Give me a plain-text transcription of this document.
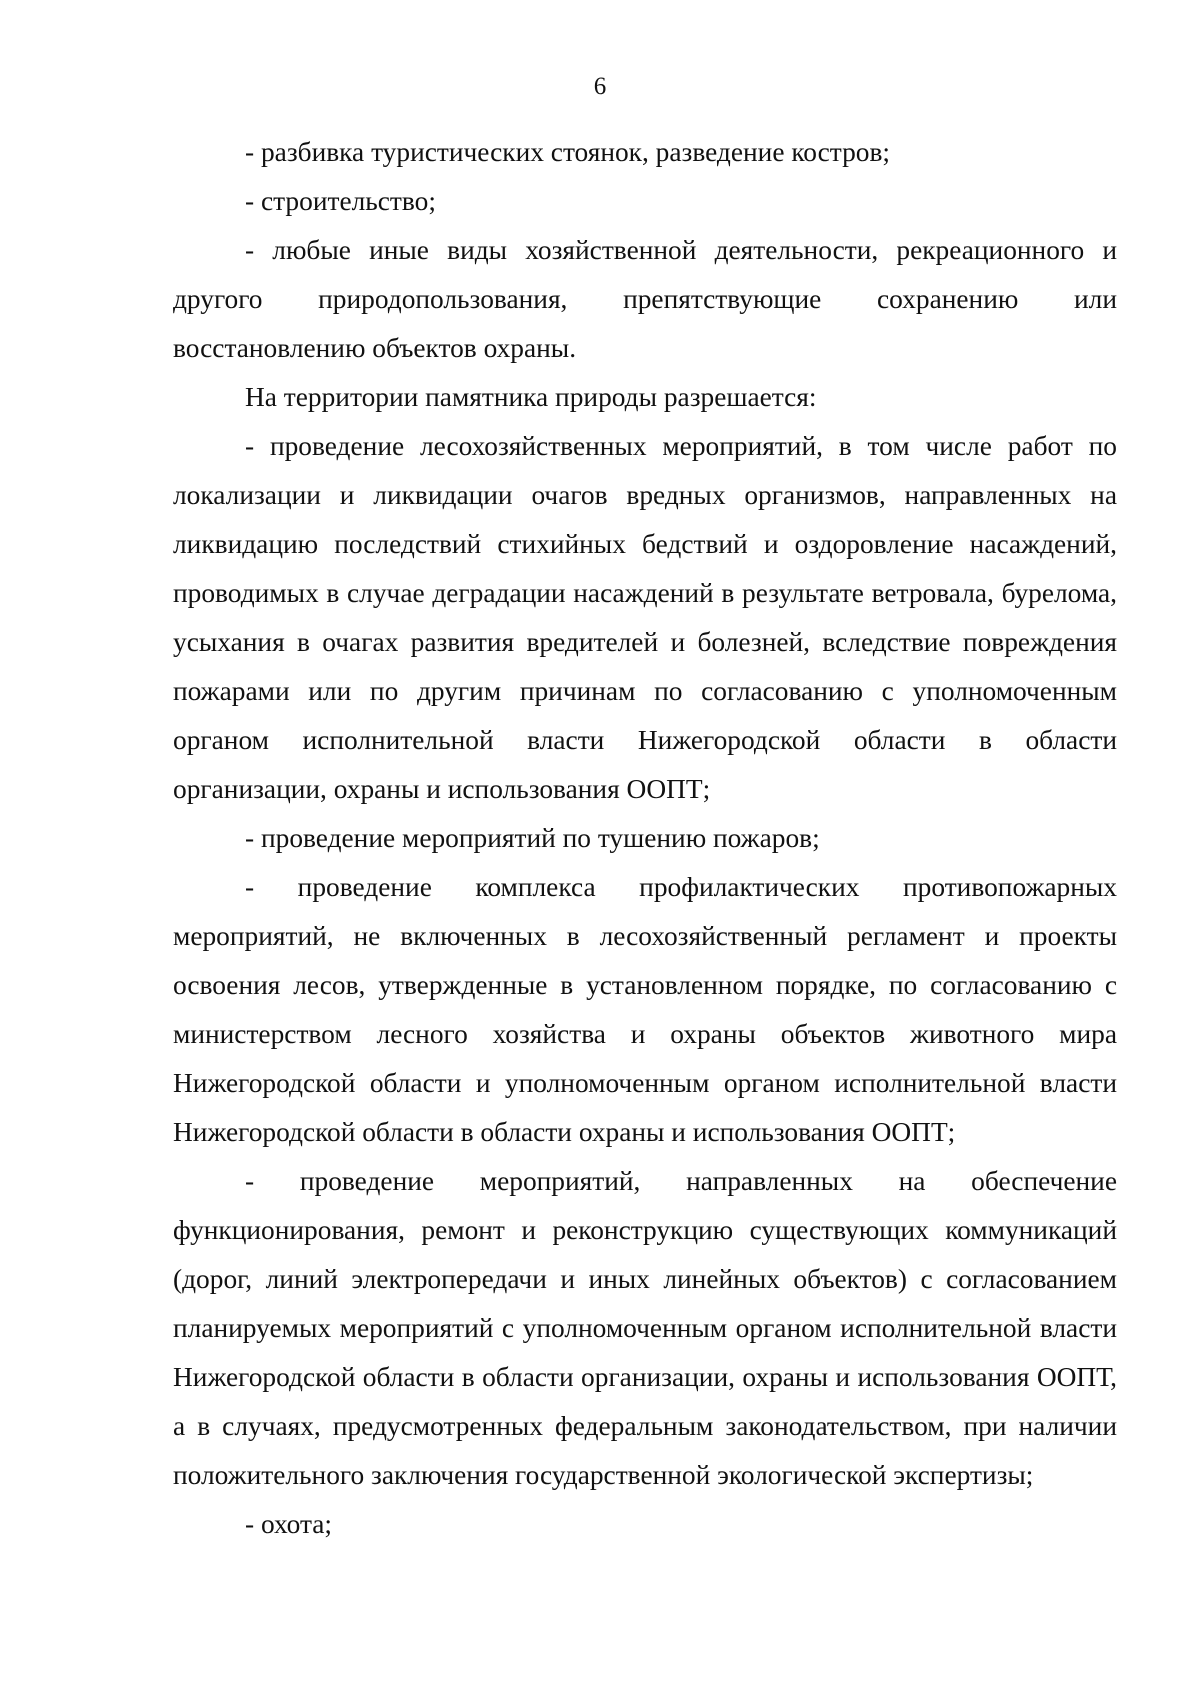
6

- разбивка туристических стоянок, разведение костров;

- строительство;

- любые иные виды хозяйственной деятельности, рекреационного и другого природопользования, препятствующие сохранению или восстановлению объектов охраны.

На территории памятника природы разрешается:

- проведение лесохозяйственных мероприятий, в том числе работ по локализации и ликвидации очагов вредных организмов, направленных на ликвидацию последствий стихийных бедствий и оздоровление насаждений, проводимых в случае деградации насаждений в результате ветровала, бурелома, усыхания в очагах развития вредителей и болезней, вследствие повреждения пожарами или по другим причинам по согласованию с уполномоченным органом исполнительной власти Нижегородской области в области организации, охраны и использования ООПТ;

- проведение мероприятий по тушению пожаров;

- проведение комплекса профилактических противопожарных мероприятий, не включенных в лесохозяйственный регламент и проекты освоения лесов, утвержденные в установленном порядке, по согласованию с министерством лесного хозяйства и охраны объектов животного мира Нижегородской области и уполномоченным органом исполнительной власти Нижегородской области в области охраны и использования ООПТ;

- проведение мероприятий, направленных на обеспечение функционирования, ремонт и реконструкцию существующих коммуникаций (дорог, линий электропередачи и иных линейных объектов) с согласованием планируемых мероприятий с уполномоченным органом исполнительной власти Нижегородской области в области организации, охраны и использования ООПТ, а в случаях, предусмотренных федеральным законодательством, при наличии положительного заключения государственной экологической экспертизы;

- охота;
